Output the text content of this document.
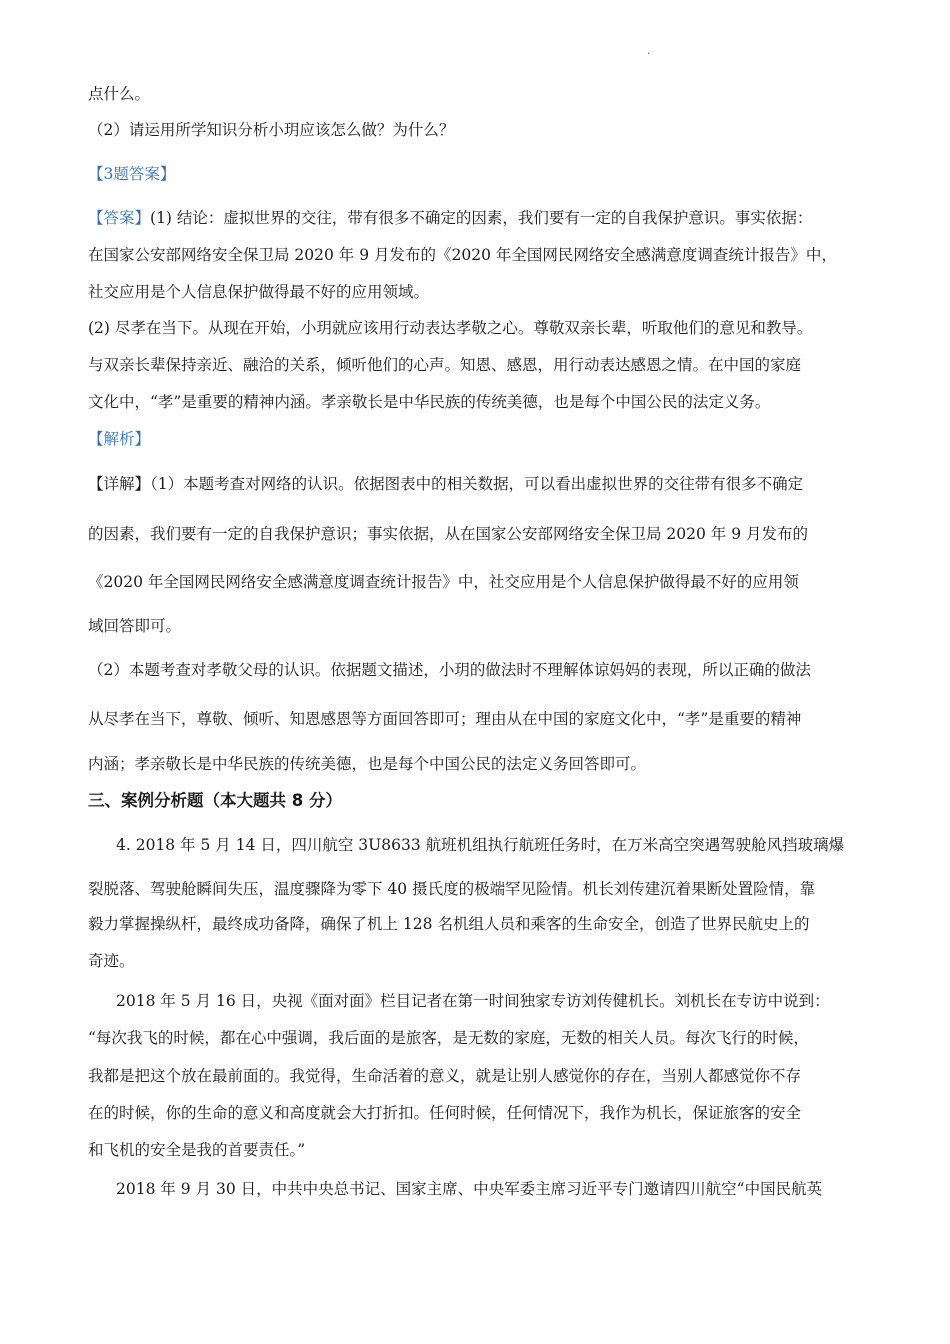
.
点什么。
（2）请运用所学知识分析小玥应该怎么做？为什么？
【3题答案】
【答案】(1) 结论：虚拟世界的交往，带有很多不确定的因素，我们要有一定的自我保护意识。事实依据：
在国家公安部网络安全保卫局 2020 年 9 月发布的《2020 年全国网民网络安全感满意度调查统计报告》中，
社交应用是个人信息保护做得最不好的应用领域。
(2) 尽孝在当下。从现在开始，小玥就应该用行动表达孝敬之心。尊敬双亲长辈，听取他们的意见和教导。
与双亲长辈保持亲近、融洽的关系，倾听他们的心声。知恩、感恩，用行动表达感恩之情。在中国的家庭
文化中，“孝”是重要的精神内涵。孝亲敬长是中华民族的传统美德，也是每个中国公民的法定义务。
【解析】
【详解】（1）本题考查对网络的认识。依据图表中的相关数据，可以看出虚拟世界的交往带有很多不确定
的因素，我们要有一定的自我保护意识；事实依据，从在国家公安部网络安全保卫局 2020 年 9 月发布的
《2020 年全国网民网络安全感满意度调查统计报告》中，社交应用是个人信息保护做得最不好的应用领
域回答即可。
（2）本题考查对孝敬父母的认识。依据题文描述，小玥的做法时不理解体谅妈妈的表现，所以正确的做法
从尽孝在当下，尊敬、倾听、知恩感恩等方面回答即可；理由从在中国的家庭文化中，“孝”是重要的精神
内涵；孝亲敬长是中华民族的传统美德，也是每个中国公民的法定义务回答即可。
三、案例分析题（本大题共 8 分）
4. 2018 年 5 月 14 日，四川航空 3U8633 航班机组执行航班任务时，在万米高空突遇驾驶舱风挡玻璃爆
裂脱落、驾驶舱瞬间失压，温度骤降为零下 40 摄氏度的极端罕见险情。机长刘传建沉着果断处置险情，靠
毅力掌握操纵杆，最终成功备降，确保了机上 128 名机组人员和乘客的生命安全，创造了世界民航史上的
奇迹。
2018 年 5 月 16 日，央视《面对面》栏目记者在第一时间独家专访刘传健机长。刘机长在专访中说到：
“每次我飞的时候，都在心中强调，我后面的是旅客，是无数的家庭，无数的相关人员。每次飞行的时候，
我都是把这个放在最前面的。我觉得，生命活着的意义，就是让别人感觉你的存在，当别人都感觉你不存
在的时候，你的生命的意义和高度就会大打折扣。任何时候，任何情况下，我作为机长，保证旅客的安全
和飞机的安全是我的首要责任。”
2018 年 9 月 30 日，中共中央总书记、国家主席、中央军委主席习近平专门邀请四川航空“中国民航英
